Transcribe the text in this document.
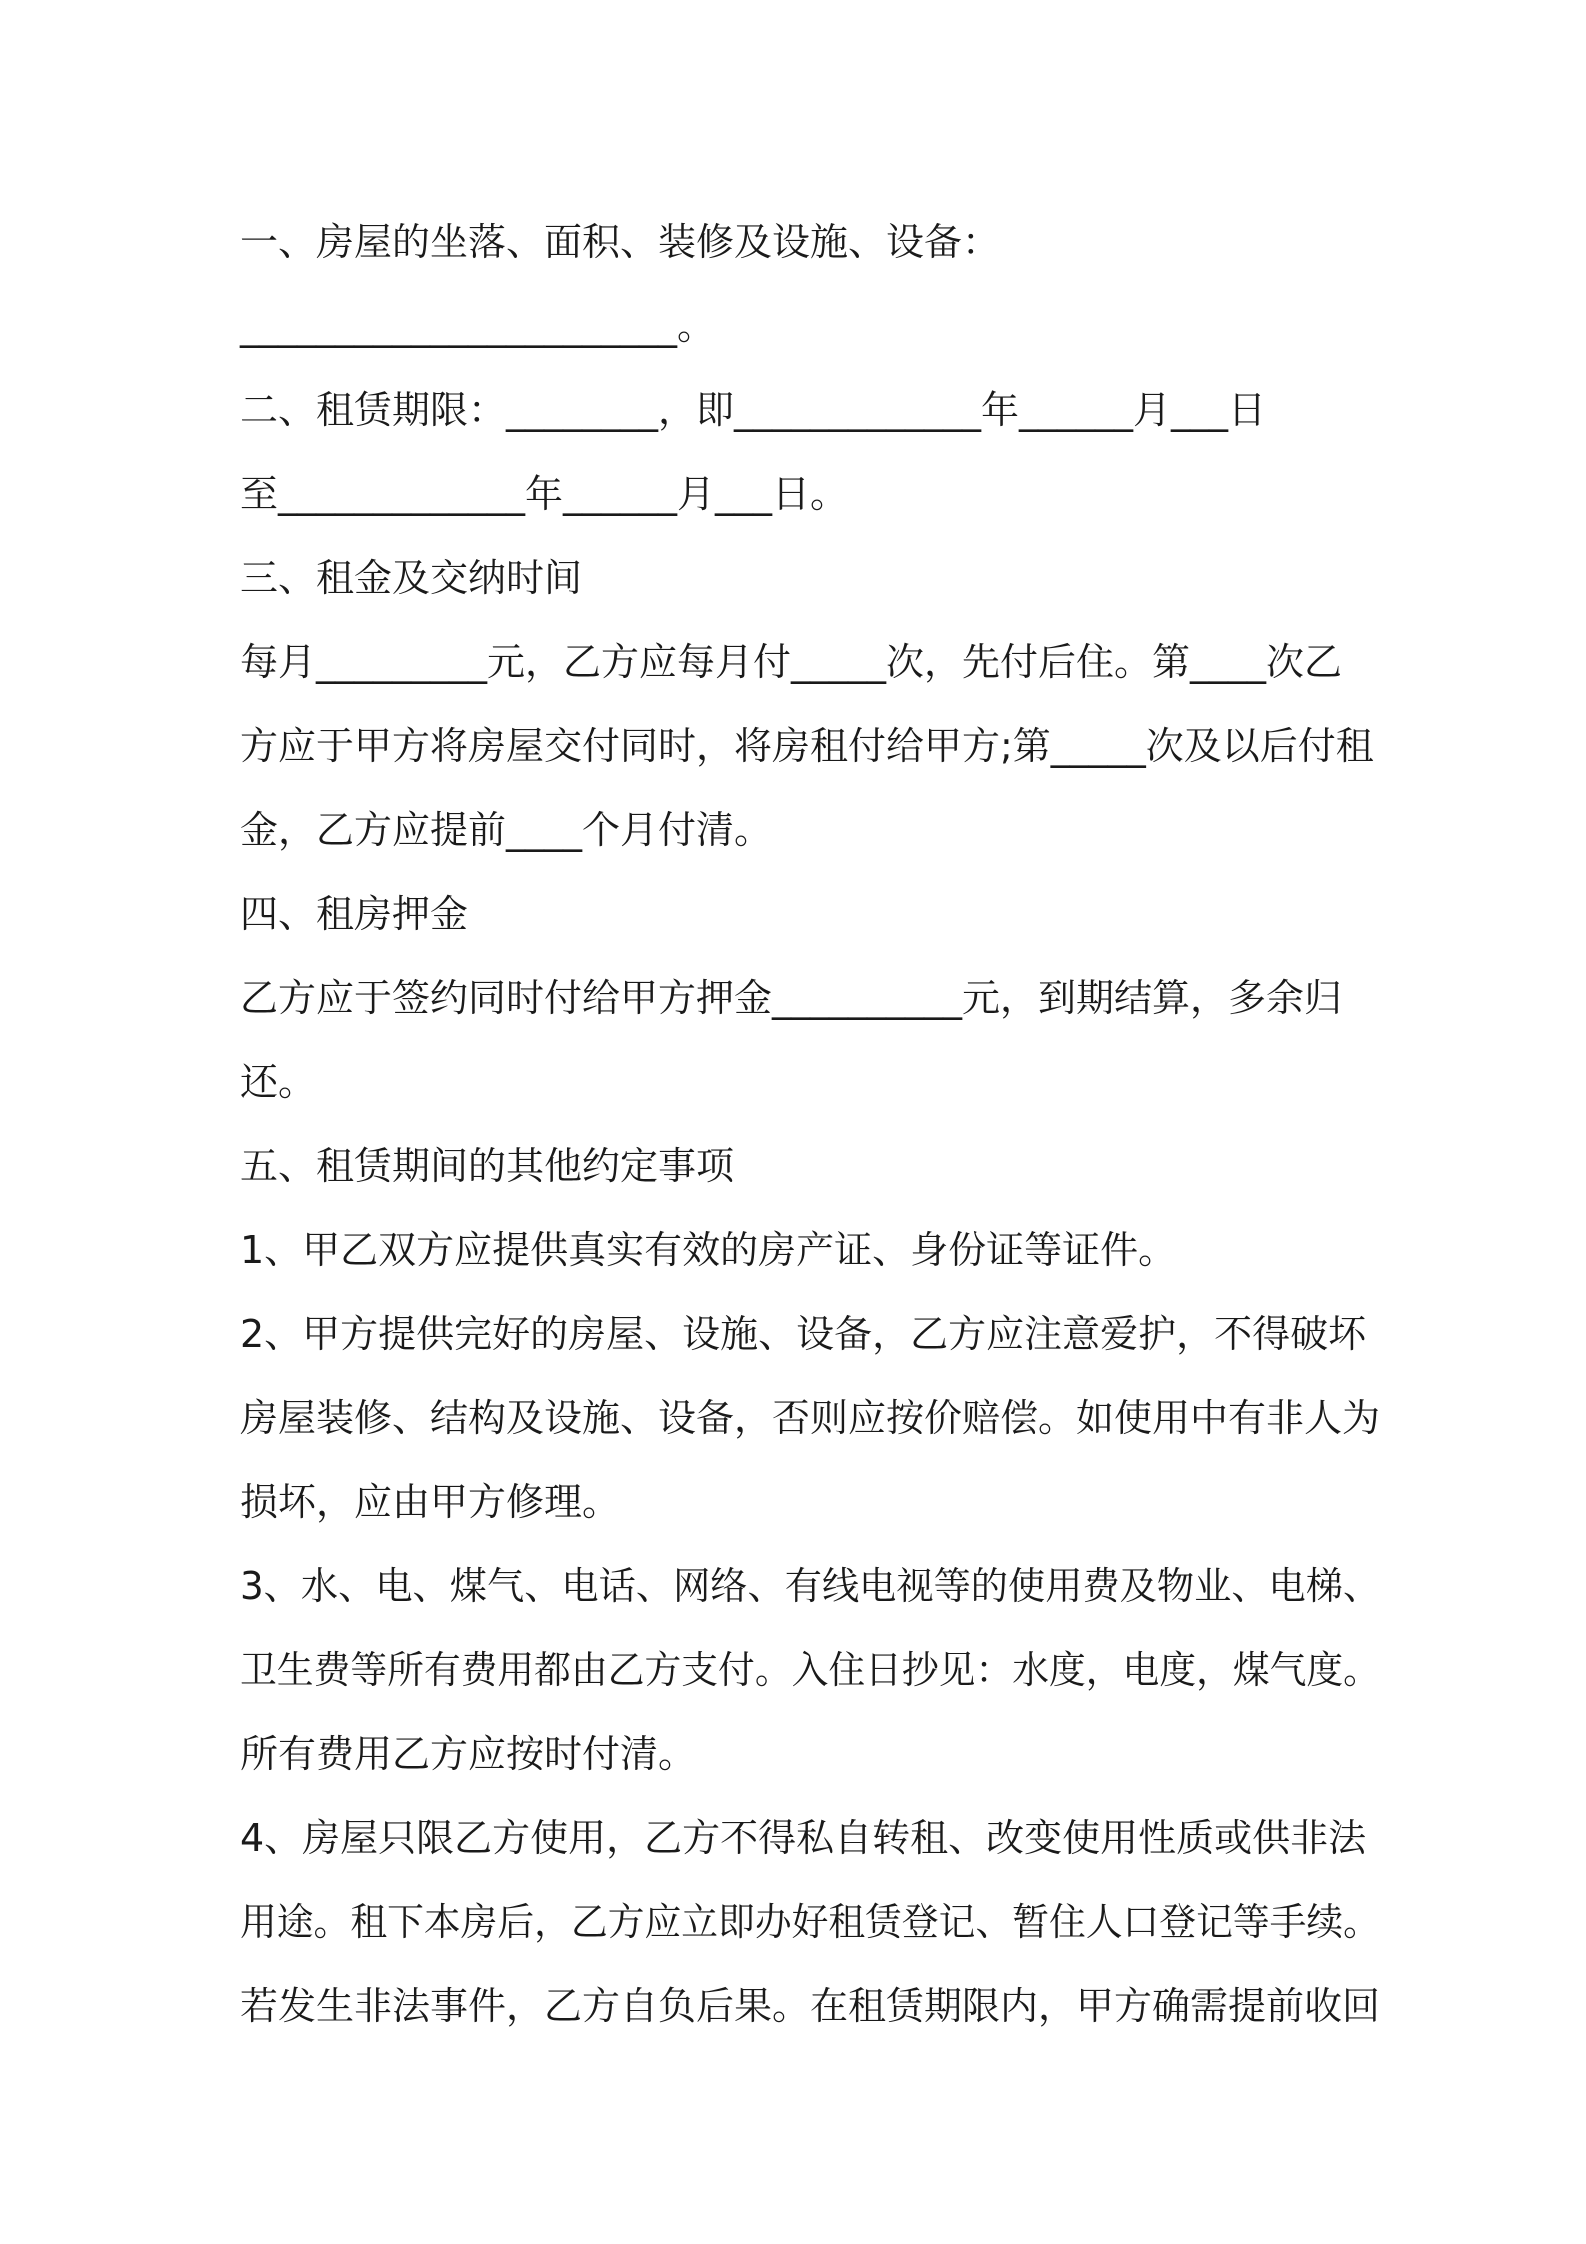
一、房屋的坐落、面积、装修及设施、设备：
_______________________。
二、租赁期限：________，即_____________年______月___日
至_____________年______月___日。
三、租金及交纳时间
每月_________元，乙方应每月付_____次，先付后住。第____次乙
方应于甲方将房屋交付同时，将房租付给甲方;第_____次及以后付租
金，乙方应提前____个月付清。
四、租房押金
乙方应于签约同时付给甲方押金__________元，到期结算，多余归
还。
五、租赁期间的其他约定事项
1、甲乙双方应提供真实有效的房产证、身份证等证件。
2、甲方提供完好的房屋、设施、设备，乙方应注意爱护，不得破坏
房屋装修、结构及设施、设备，否则应按价赔偿。如使用中有非人为
损坏，应由甲方修理。
3、水、电、煤气、电话、网络、有线电视等的使用费及物业、电梯、
卫生费等所有费用都由乙方支付。入住日抄见：水度，电度，煤气度。
所有费用乙方应按时付清。
4、房屋只限乙方使用，乙方不得私自转租、改变使用性质或供非法
用途。租下本房后，乙方应立即办好租赁登记、暂住人口登记等手续。
若发生非法事件，乙方自负后果。在租赁期限内，甲方确需提前收回
